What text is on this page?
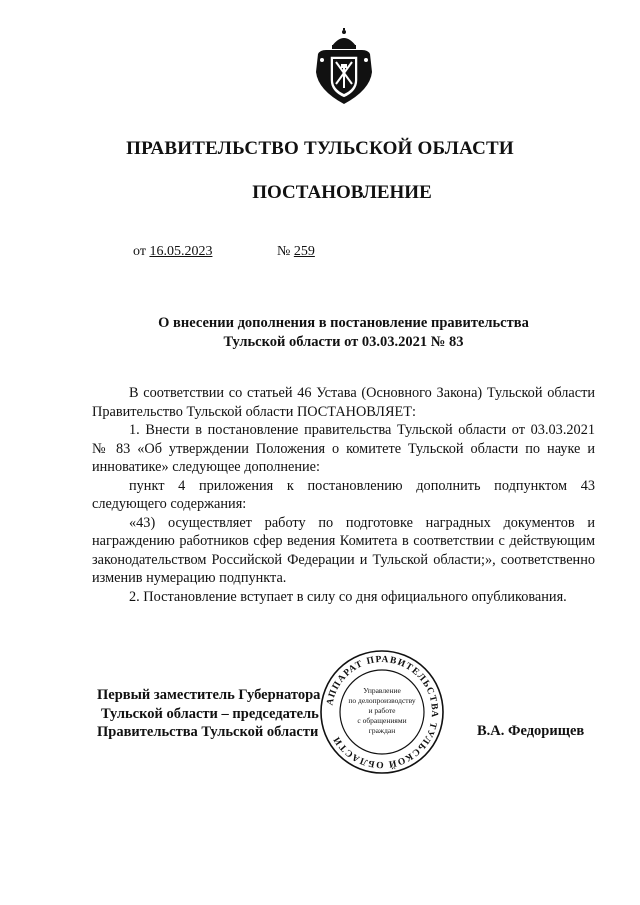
ПРАВИТЕЛЬСТВО ТУЛЬСКОЙ ОБЛАСТИ
ПОСТАНОВЛЕНИЕ
от 16.05.2023	№ 259
О внесении дополнения в постановление правительства
Тульской области от 03.03.2021 № 83

В соответствии со статьей 46 Устава (Основного Закона) Тульской области Правительство Тульской области ПОСТАНОВЛЯЕТ:

1. Внести в постановление правительства Тульской области от 03.03.2021 № 83 «Об утверждении Положения о комитете Тульской области по науке и инноватике» следующее дополнение:

пункт 4 приложения к постановлению дополнить подпунктом 43 следующего содержания:

«43) осуществляет работу по подготовке наградных документов и награждению работников сфер ведения Комитета в соответствии с действующим законодательством Российской Федерации и Тульской области;», соответственно изменив нумерацию подпункта.

2. Постановление вступает в силу со дня официального опубликования.

Первый заместитель Губернатора
Тульской области – председатель
Правительства Тульской области	В.А. Федорищев
АППАРАТ ПРАВИТЕЛЬСТВА ТУЛЬСКОЙ ОБЛАСТИ
Управление
по делопроизводству
и работе
с обращениями
граждан
